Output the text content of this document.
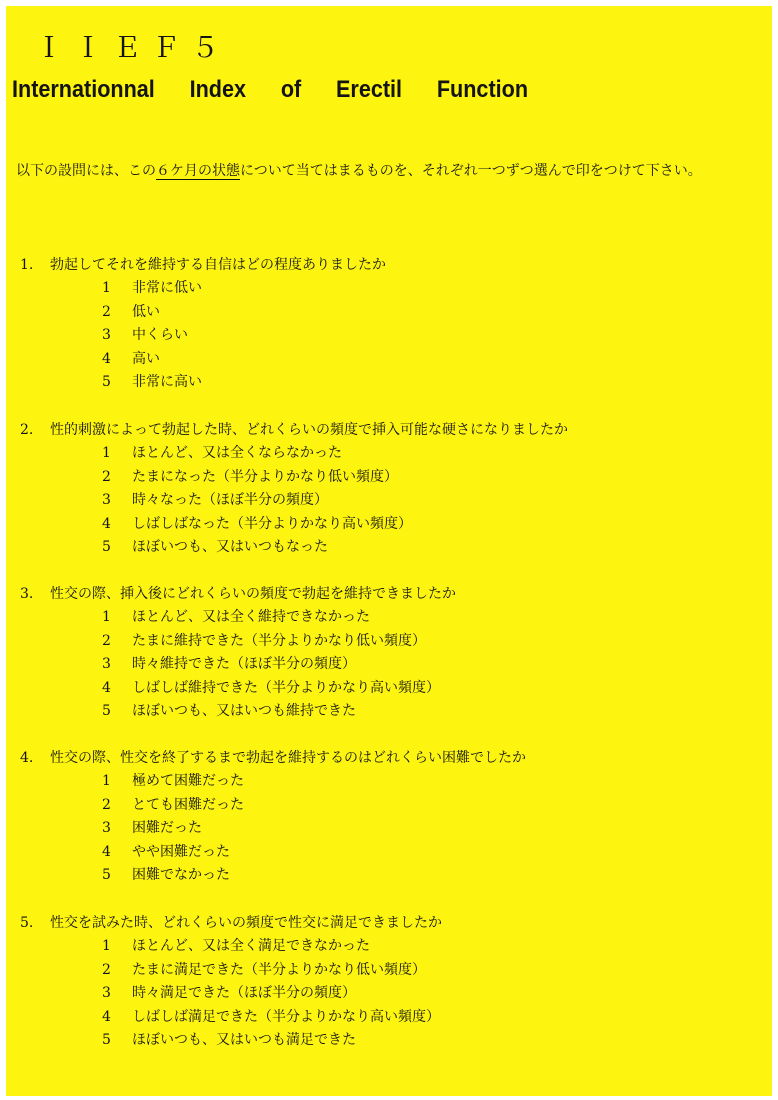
ＩＩＥＦ５
Internationnal Index of Erectil Function
以下の設問には、この６ケ月の状態について当てはまるものを、それぞれ一つずつ選んで印をつけて下さい。
1. 勃起してそれを維持する自信はどの程度ありましたか
1 非常に低い
2 低い
3 中くらい
4 高い
5 非常に高い
2. 性的刺激によって勃起した時、どれくらいの頻度で挿入可能な硬さになりましたか
1 ほとんど、又は全くならなかった
2 たまになった（半分よりかなり低い頻度）
3 時々なった（ほぼ半分の頻度）
4 しばしばなった（半分よりかなり高い頻度）
5 ほぼいつも、又はいつもなった
3. 性交の際、挿入後にどれくらいの頻度で勃起を維持できましたか
1 ほとんど、又は全く維持できなかった
2 たまに維持できた（半分よりかなり低い頻度）
3 時々維持できた（ほぼ半分の頻度）
4 しばしば維持できた（半分よりかなり高い頻度）
5 ほぼいつも、又はいつも維持できた
4. 性交の際、性交を終了するまで勃起を維持するのはどれくらい困難でしたか
1 極めて困難だった
2 とても困難だった
3 困難だった
4 やや困難だった
5 困難でなかった
5. 性交を試みた時、どれくらいの頻度で性交に満足できましたか
1 ほとんど、又は全く満足できなかった
2 たまに満足できた（半分よりかなり低い頻度）
3 時々満足できた（ほぼ半分の頻度）
4 しばしば満足できた（半分よりかなり高い頻度）
5 ほぼいつも、又はいつも満足できた
